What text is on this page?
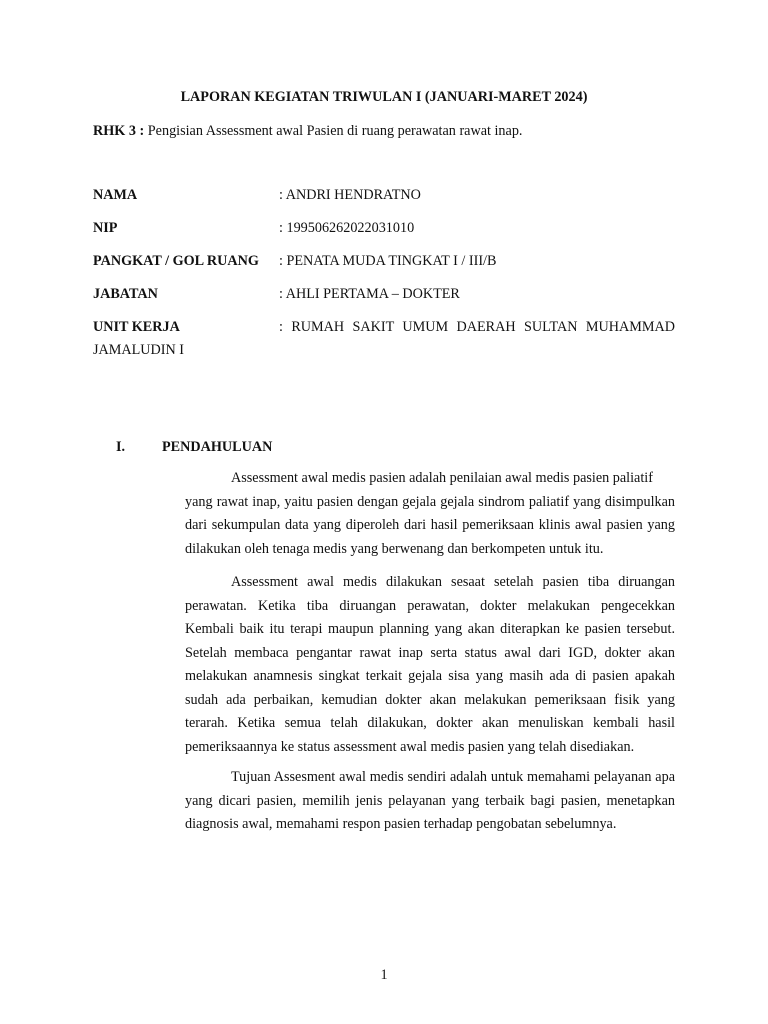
LAPORAN KEGIATAN TRIWULAN I (JANUARI-MARET 2024)
RHK 3 : Pengisian Assessment awal Pasien di ruang perawatan rawat inap.
NAMA	: ANDRI HENDRATNO
NIP	: 199506262022031010
PANGKAT / GOL RUANG : PENATA MUDA TINGKAT I / III/B
JABATAN	: AHLI PERTAMA – DOKTER
UNIT KERJA	: RUMAH SAKIT UMUM DAERAH SULTAN MUHAMMAD
JAMALUDIN I
I.	PENDAHULUAN
Assessment awal medis pasien adalah penilaian awal medis pasien paliatif
yang rawat inap, yaitu pasien dengan gejala gejala sindrom paliatif yang disimpulkan
dari sekumpulan data yang diperoleh dari hasil pemeriksaan klinis awal pasien yang
dilakukan oleh tenaga medis yang berwenang dan berkompeten untuk itu.
Assessment awal medis dilakukan sesaat setelah pasien tiba diruangan
perawatan. Ketika tiba diruangan perawatan, dokter melakukan pengecekkan
Kembali baik itu terapi maupun planning yang akan diterapkan ke pasien tersebut.
Setelah membaca pengantar rawat inap serta status awal dari IGD, dokter akan
melakukan anamnesis singkat terkait gejala sisa yang masih ada di pasien apakah
sudah ada perbaikan, kemudian dokter akan melakukan pemeriksaan fisik yang
terarah. Ketika semua telah dilakukan, dokter akan menuliskan kembali hasil
pemeriksaannya ke status assessment awal medis pasien yang telah disediakan.
Tujuan Assesment awal medis sendiri adalah untuk memahami pelayanan apa
yang dicari pasien, memilih jenis pelayanan yang terbaik bagi pasien, menetapkan
diagnosis awal, memahami respon pasien terhadap pengobatan sebelumnya.
1
